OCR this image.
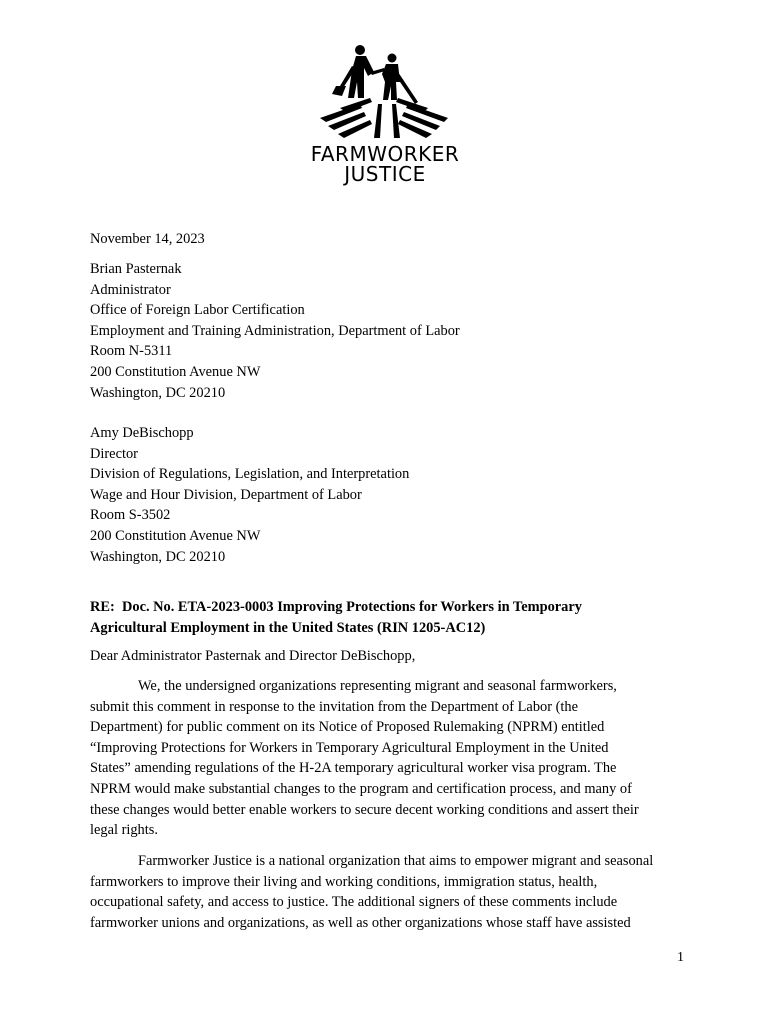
FARMWORKER
JUSTICE
November 14, 2023

Brian Pasternak

Administrator

Office of Foreign Labor Certification

Employment and Training Administration, Department of Labor

Room N-5311

200 Constitution Avenue NW

Washington, DC 20210

Amy DeBischopp

Director

Division of Regulations, Legislation, and Interpretation

Wage and Hour Division, Department of Labor

Room S-3502

200 Constitution Avenue NW

Washington, DC 20210

RE:  Doc. No. ETA-2023-0003 Improving Protections for Workers in Temporary

Agricultural Employment in the United States (RIN 1205-AC12)

Dear Administrator Pasternak and Director DeBischopp,

We, the undersigned organizations representing migrant and seasonal farmworkers,

submit this comment in response to the invitation from the Department of Labor (the

Department) for public comment on its Notice of Proposed Rulemaking (NPRM) entitled

“Improving Protections for Workers in Temporary Agricultural Employment in the United

States” amending regulations of the H-2A temporary agricultural worker visa program. The

NPRM would make substantial changes to the program and certification process, and many of

these changes would better enable workers to secure decent working conditions and assert their

legal rights.

Farmworker Justice is a national organization that aims to empower migrant and seasonal

farmworkers to improve their living and working conditions, immigration status, health,

occupational safety, and access to justice. The additional signers of these comments include

farmworker unions and organizations, as well as other organizations whose staff have assisted

1
